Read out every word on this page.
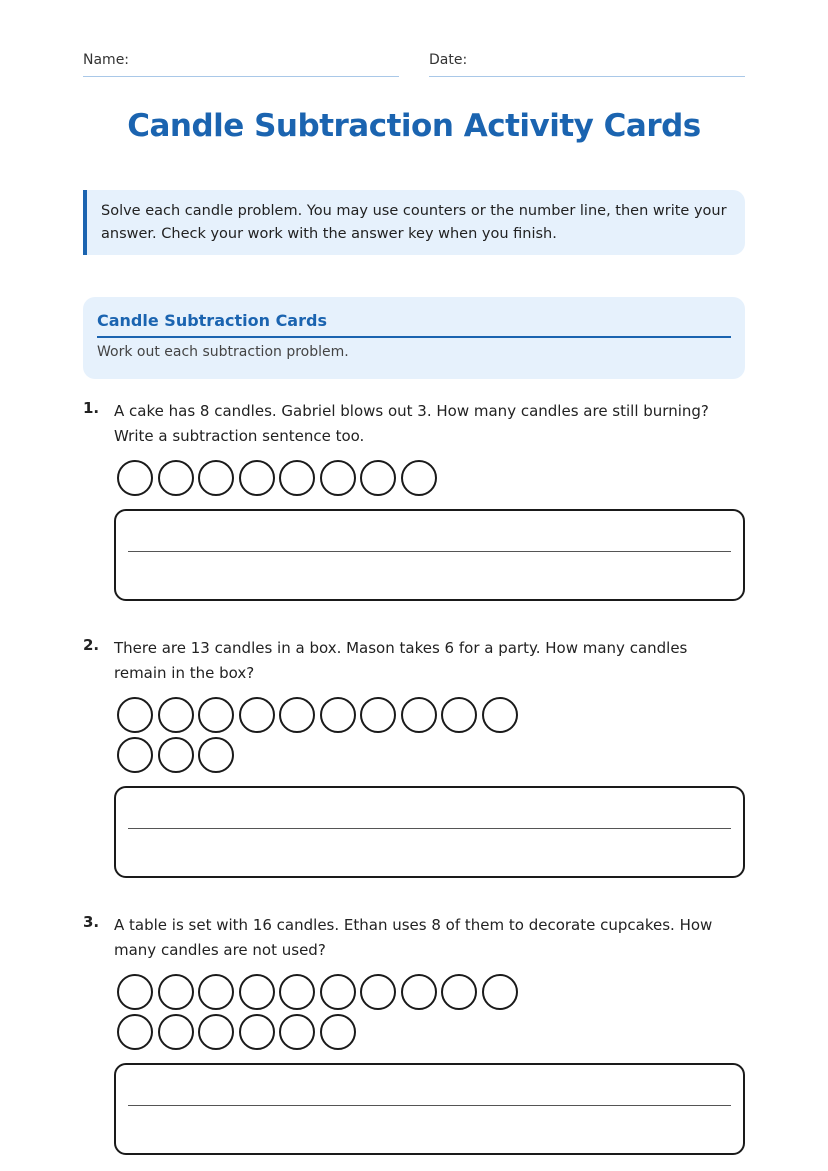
Name:	Date:
Candle Subtraction Activity Cards
Solve each candle problem. You may use counters or the number line, then write your answer. Check your work with the answer key when you finish.
Candle Subtraction Cards
Work out each subtraction problem.
1. A cake has 8 candles. Gabriel blows out 3. How many candles are still burning? Write a subtraction sentence too.
2. There are 13 candles in a box. Mason takes 6 for a party. How many candles remain in the box?
3. A table is set with 16 candles. Ethan uses 8 of them to decorate cupcakes. How many candles are not used?
